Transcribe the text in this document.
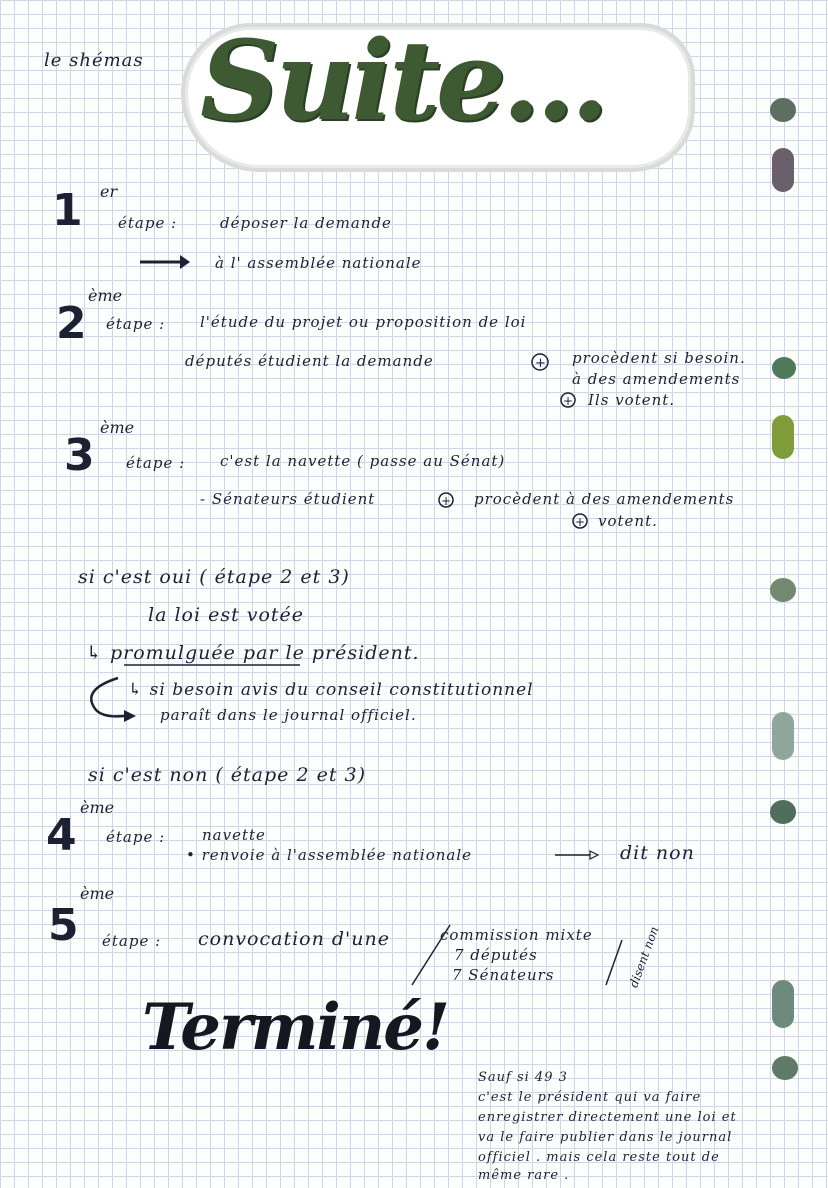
le shémas Suite...
+
+
+
+
1 er
étape :	déposer la demande
à l' assemblée nationale
2
ème
étape : l'étude du projet ou proposition de loi
députés étudient la demande	procèdent si besoin.
à des amendements
Ils votent.
3
ème
étape : c'est la navette ( passe au Sénat)
- Sénateurs étudient	procèdent à des amendements
votent.
si c'est oui ( étape 2 et 3)
la loi est votée
↳ promulguée par le président.
↳ si besoin avis du conseil constitutionnel
paraît dans le journal officiel.
si c'est non ( étape 2 et 3)
4
ème
étape : navette
• renvoie à l'assemblée nationale	dit non
5
ème
étape : convocation d'une	commission mixte
7 députés
7 Sénateurs	disent non
Terminé!
Sauf si 49 3
c'est le président qui va faire
enregistrer directement une loi et
va le faire publier dans le journal
officiel . mais cela reste tout de
même rare .
